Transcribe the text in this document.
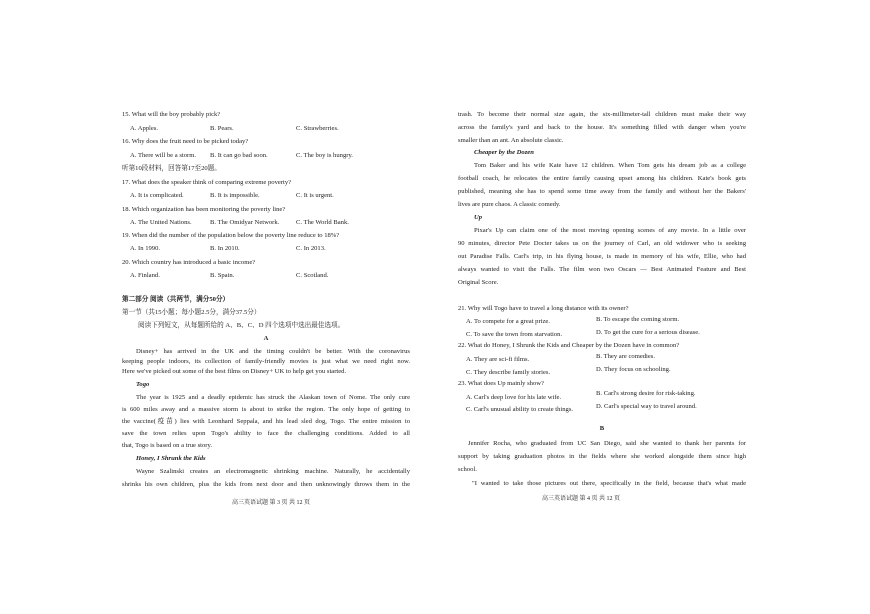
15. What will the boy probably pick?
A. Apples.	B. Pears.	C. Strawberries.
16. Why does the fruit need to be picked today?
A. There will be a storm. B. It can go bad soon.	C. The boy is hungry.
听第10段材料，回答第17至20题。
17. What does the speaker think of comparing extreme poverty?
A. It is complicated.	B. It is impossible.	C. It is urgent.
18. Which organization has been monitoring the poverty line?
A. The United Nations.	B. The Omidyar Network.	C. The World Bank.
19. When did the number of the population below the poverty line reduce to 18%?
A. In 1990.	B. In 2010.	C. In 2013.
20. Which country has introduced a basic income?
A. Finland.	B. Spain.	C. Scotland.
第二部分 阅读（共两节，满分50分）
第一节（共15小题；每小题2.5分，满分37.5分）
阅读下列短文，从每题所给的 A、B、C、D 四个选项中选出最佳选项。
A
Disney+ has arrived in the UK and the timing couldn't be better. With the coronavirus
keeping people indoors, its collection of family-friendly movies is just what we need right now.
Here we've picked out some of the best films on Disney+ UK to help get you started.
Togo
The year is 1925 and a deadly epidemic has struck the Alaskan town of Nome. The only cure
is 600 miles away and a massive storm is about to strike the region. The only hope of getting to
the vaccine(疫苗) lies with Leonhard Seppala, and his lead sled dog, Togo. The entire mission to
save the town relies upon Togo's ability to face the challenging conditions. Added to all
that, Togo is based on a true story.
Honey, I Shrunk the Kids
Wayne Szalinski creates an electromagnetic shrinking machine. Naturally, he accidentally
shrinks his own children, plus the kids from next door and then unknowingly throws them in the
高三英语试题 第 3 页 共 12 页
trash. To become their normal size again, the six-millimeter-tall children must make their way
across the family's yard and back to the house. It's something filled with danger when you're
smaller than an ant. An absolute classic.
Cheaper by the Dozen
Tom Baker and his wife Kate have 12 children. When Tom gets his dream job as a college
football coach, he relocates the entire family causing upset among his children. Kate's book gets
published, meaning she has to spend some time away from the family and without her the Bakers'
lives are pure chaos. A classic comedy.
Up
Pixar's Up can claim one of the most moving opening scenes of any movie. In a little over
90 minutes, director Pete Docter takes us on the journey of Carl, an old widower who is seeking
out Paradise Falls. Carl's trip, in his flying house, is made in memory of his wife, Ellie, who had
always wanted to visit the Falls. The film won two Oscars — Best Animated Feature and Best
Original Score.
21. Why will Togo have to travel a long distance with its owner?
A. To compete for a great prize.	B. To escape the coming storm.
C. To save the town from starvation.	D. To get the cure for a serious disease.
22. What do Honey, I Shrunk the Kids and Cheaper by the Dozen have in common?
A. They are sci-fi films.	B. They are comedies.
C. They describe family stories.	D. They focus on schooling.
23. What does Up mainly show?
A. Carl's deep love for his late wife.
B. Carl's strong desire for risk-taking.
C. Carl's unusual ability to create things.	D. Carl's special way to travel around.
B
Jennifer Rocha, who graduated from UC San Diego, said she wanted to thank her parents for
support by taking graduation photos in the fields where she worked alongside them since high
school.
"I wanted to take those pictures out there, specifically in the field, because that's what made
高三英语试题 第 4 页 共 12 页
